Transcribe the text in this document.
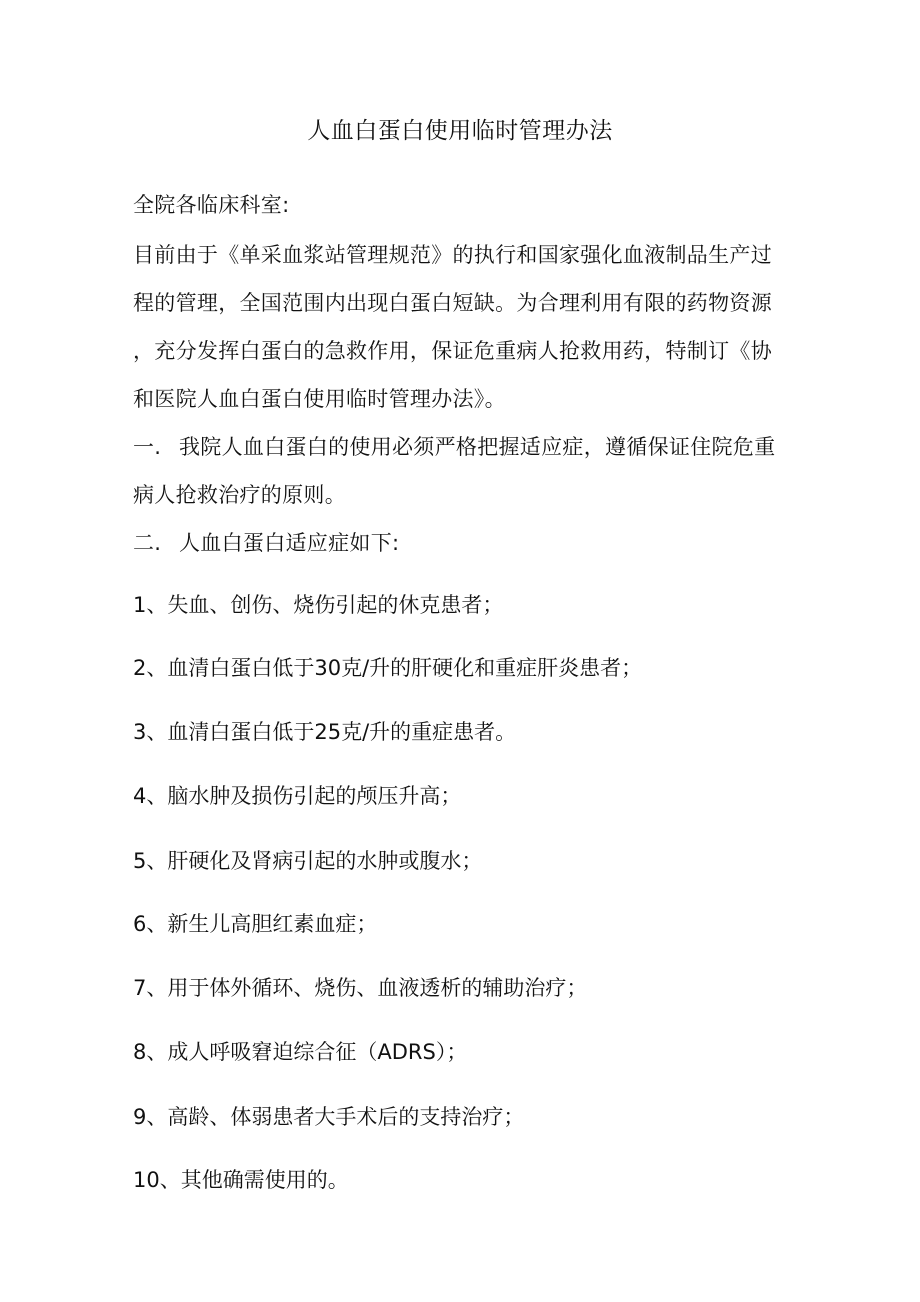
人血白蛋白使用临时管理办法
全院各临床科室:
目前由于《单采血浆站管理规范》的执行和国家强化血液制品生产过
程的管理，全国范围内出现白蛋白短缺。为合理利用有限的药物资源
，充分发挥白蛋白的急救作用，保证危重病人抢救用药，特制订《协
和医院人血白蛋白使用临时管理办法》。
一. 我院人血白蛋白的使用必须严格把握适应症，遵循保证住院危重
病人抢救治疗的原则。
二. 人血白蛋白适应症如下:
1、失血、创伤、烧伤引起的休克患者；
2、血清白蛋白低于30克/升的肝硬化和重症肝炎患者；
3、血清白蛋白低于25克/升的重症患者。
4、脑水肿及损伤引起的颅压升高；
5、肝硬化及肾病引起的水肿或腹水；
6、新生儿高胆红素血症；
7、用于体外循环、烧伤、血液透析的辅助治疗；
8、成人呼吸窘迫综合征（ADRS）；
9、高龄、体弱患者大手术后的支持治疗；
10、其他确需使用的。
